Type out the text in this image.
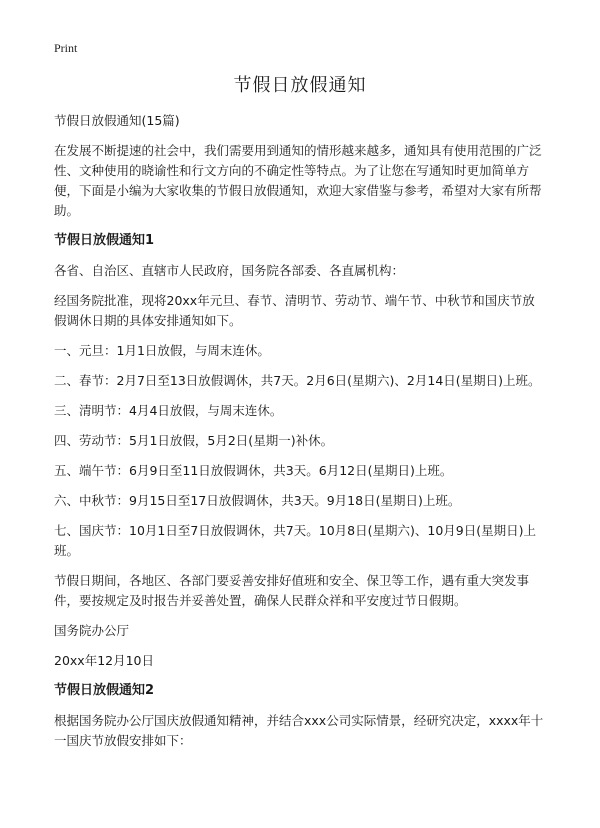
Print
节假日放假通知

节假日放假通知(15篇)

在发展不断提速的社会中，我们需要用到通知的情形越来越多，通知具有使用范围的广泛性、文种使用的晓谕性和行文方向的不确定性等特点。为了让您在写通知时更加简单方便，下面是小编为大家收集的节假日放假通知，欢迎大家借鉴与参考，希望对大家有所帮助。

节假日放假通知1

各省、自治区、直辖市人民政府，国务院各部委、各直属机构：

经国务院批准，现将20xx年元旦、春节、清明节、劳动节、端午节、中秋节和国庆节放假调休日期的具体安排通知如下。

一、元旦：1月1日放假，与周末连休。

二、春节：2月7日至13日放假调休，共7天。2月6日(星期六)、2月14日(星期日)上班。

三、清明节：4月4日放假，与周末连休。

四、劳动节：5月1日放假，5月2日(星期一)补休。

五、端午节：6月9日至11日放假调休，共3天。6月12日(星期日)上班。

六、中秋节：9月15日至17日放假调休，共3天。9月18日(星期日)上班。

七、国庆节：10月1日至7日放假调休，共7天。10月8日(星期六)、10月9日(星期日)上班。

节假日期间，各地区、各部门要妥善安排好值班和安全、保卫等工作，遇有重大突发事件，要按规定及时报告并妥善处置，确保人民群众祥和平安度过节日假期。

国务院办公厅

20xx年12月10日

节假日放假通知2

根据国务院办公厅国庆放假通知精神，并结合xxx公司实际情景，经研究决定，xxxx年十一国庆节放假安排如下：
